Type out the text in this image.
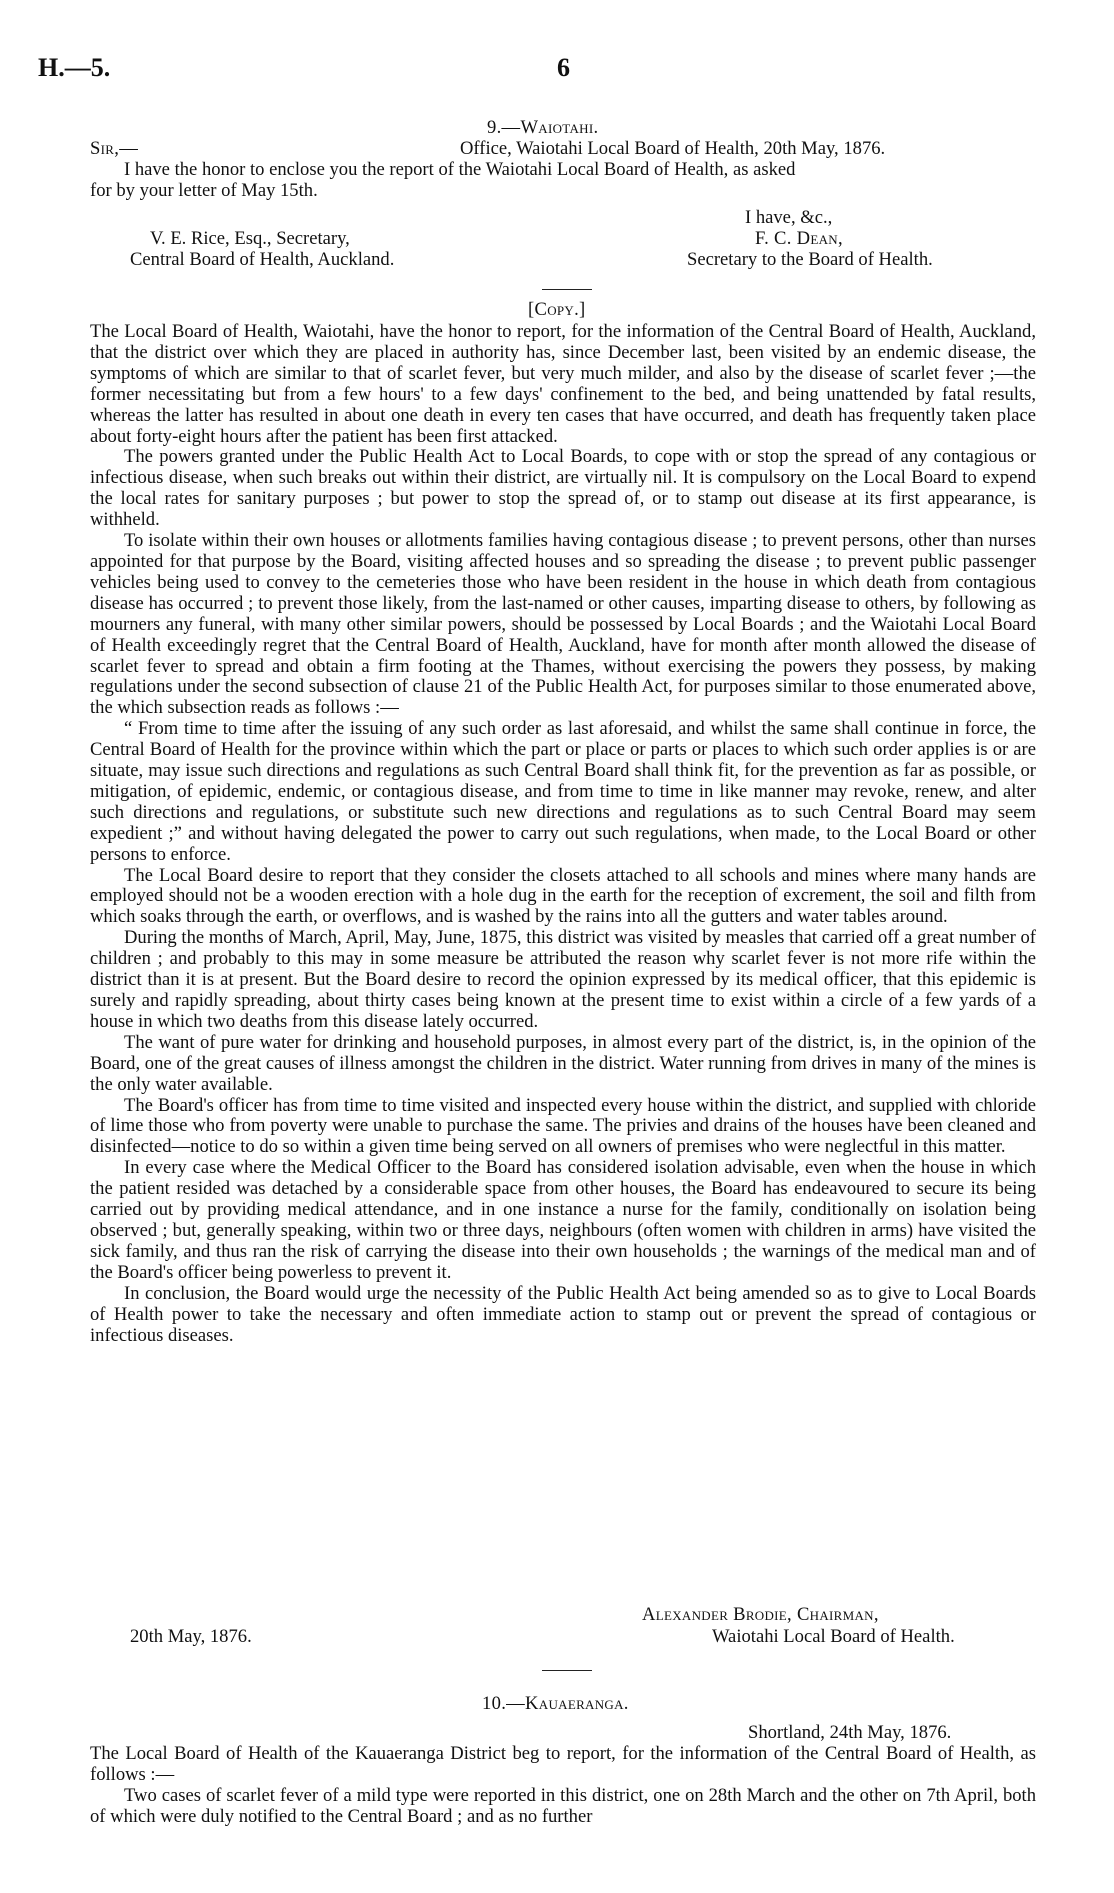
H.—5.	6
9.—Waiotahi.
Sir,—	Office, Waiotahi Local Board of Health, 20th May, 1876.
I have the honor to enclose you the report of the Waiotahi Local Board of Health, as asked
for by your letter of May 15th.
I have, &c.,
V. E. Rice, Esq., Secretary,	F. C. Dean,
Central Board of Health, Auckland.	Secretary to the Board of Health.
[Copy.]

The Local Board of Health, Waiotahi, have the honor to report, for the information of the Central Board of Health, Auckland, that the district over which they are placed in authority has, since December last, been visited by an endemic disease, the symptoms of which are similar to that of scarlet fever, but very much milder, and also by the disease of scarlet fever ;—the former necessitating but from a few hours' to a few days' confinement to the bed, and being unattended by fatal results, whereas the latter has resulted in about one death in every ten cases that have occurred, and death has frequently taken place about forty-eight hours after the patient has been first attacked.

The powers granted under the Public Health Act to Local Boards, to cope with or stop the spread of any contagious or infectious disease, when such breaks out within their district, are virtually nil. It is compulsory on the Local Board to expend the local rates for sanitary purposes ; but power to stop the spread of, or to stamp out disease at its first appearance, is withheld.

To isolate within their own houses or allotments families having contagious disease ; to prevent persons, other than nurses appointed for that purpose by the Board, visiting affected houses and so spreading the disease ; to prevent public passenger vehicles being used to convey to the cemeteries those who have been resident in the house in which death from contagious disease has occurred ; to prevent those likely, from the last-named or other causes, imparting disease to others, by following as mourners any funeral, with many other similar powers, should be possessed by Local Boards ; and the Waiotahi Local Board of Health exceedingly regret that the Central Board of Health, Auckland, have for month after month allowed the disease of scarlet fever to spread and obtain a firm footing at the Thames, without exercising the powers they possess, by making regulations under the second subsection of clause 21 of the Public Health Act, for purposes similar to those enumerated above, the which subsection reads as follows :—

“ From time to time after the issuing of any such order as last aforesaid, and whilst the same shall continue in force, the Central Board of Health for the province within which the part or place or parts or places to which such order applies is or are situate, may issue such directions and regulations as such Central Board shall think fit, for the prevention as far as possible, or mitigation, of epidemic, endemic, or contagious disease, and from time to time in like manner may revoke, renew, and alter such directions and regulations, or substitute such new directions and regulations as to such Central Board may seem expedient ;” and without having delegated the power to carry out such regulations, when made, to the Local Board or other persons to enforce.

The Local Board desire to report that they consider the closets attached to all schools and mines where many hands are employed should not be a wooden erection with a hole dug in the earth for the reception of excrement, the soil and filth from which soaks through the earth, or overflows, and is washed by the rains into all the gutters and water tables around.

During the months of March, April, May, June, 1875, this district was visited by measles that carried off a great number of children ; and probably to this may in some measure be attributed the reason why scarlet fever is not more rife within the district than it is at present. But the Board desire to record the opinion expressed by its medical officer, that this epidemic is surely and rapidly spreading, about thirty cases being known at the present time to exist within a circle of a few yards of a house in which two deaths from this disease lately occurred.

The want of pure water for drinking and household purposes, in almost every part of the district, is, in the opinion of the Board, one of the great causes of illness amongst the children in the district. Water running from drives in many of the mines is the only water available.

The Board's officer has from time to time visited and inspected every house within the district, and supplied with chloride of lime those who from poverty were unable to purchase the same. The privies and drains of the houses have been cleaned and disinfected—notice to do so within a given time being served on all owners of premises who were neglectful in this matter.

In every case where the Medical Officer to the Board has considered isolation advisable, even when the house in which the patient resided was detached by a considerable space from other houses, the Board has endeavoured to secure its being carried out by providing medical attendance, and in one instance a nurse for the family, conditionally on isolation being observed ; but, generally speaking, within two or three days, neighbours (often women with children in arms) have visited the sick family, and thus ran the risk of carrying the disease into their own households ; the warnings of the medical man and of the Board's officer being powerless to prevent it.

In conclusion, the Board would urge the necessity of the Public Health Act being amended so as to give to Local Boards of Health power to take the necessary and often immediate action to stamp out or prevent the spread of contagious or infectious diseases.

Alexander Brodie, Chairman,
20th May, 1876.	Waiotahi Local Board of Health.
10.—Kauaeranga.
Shortland, 24th May, 1876.

The Local Board of Health of the Kauaeranga District beg to report, for the information of the Central Board of Health, as follows :—

Two cases of scarlet fever of a mild type were reported in this district, one on 28th March and the other on 7th April, both of which were duly notified to the Central Board ; and as no further
